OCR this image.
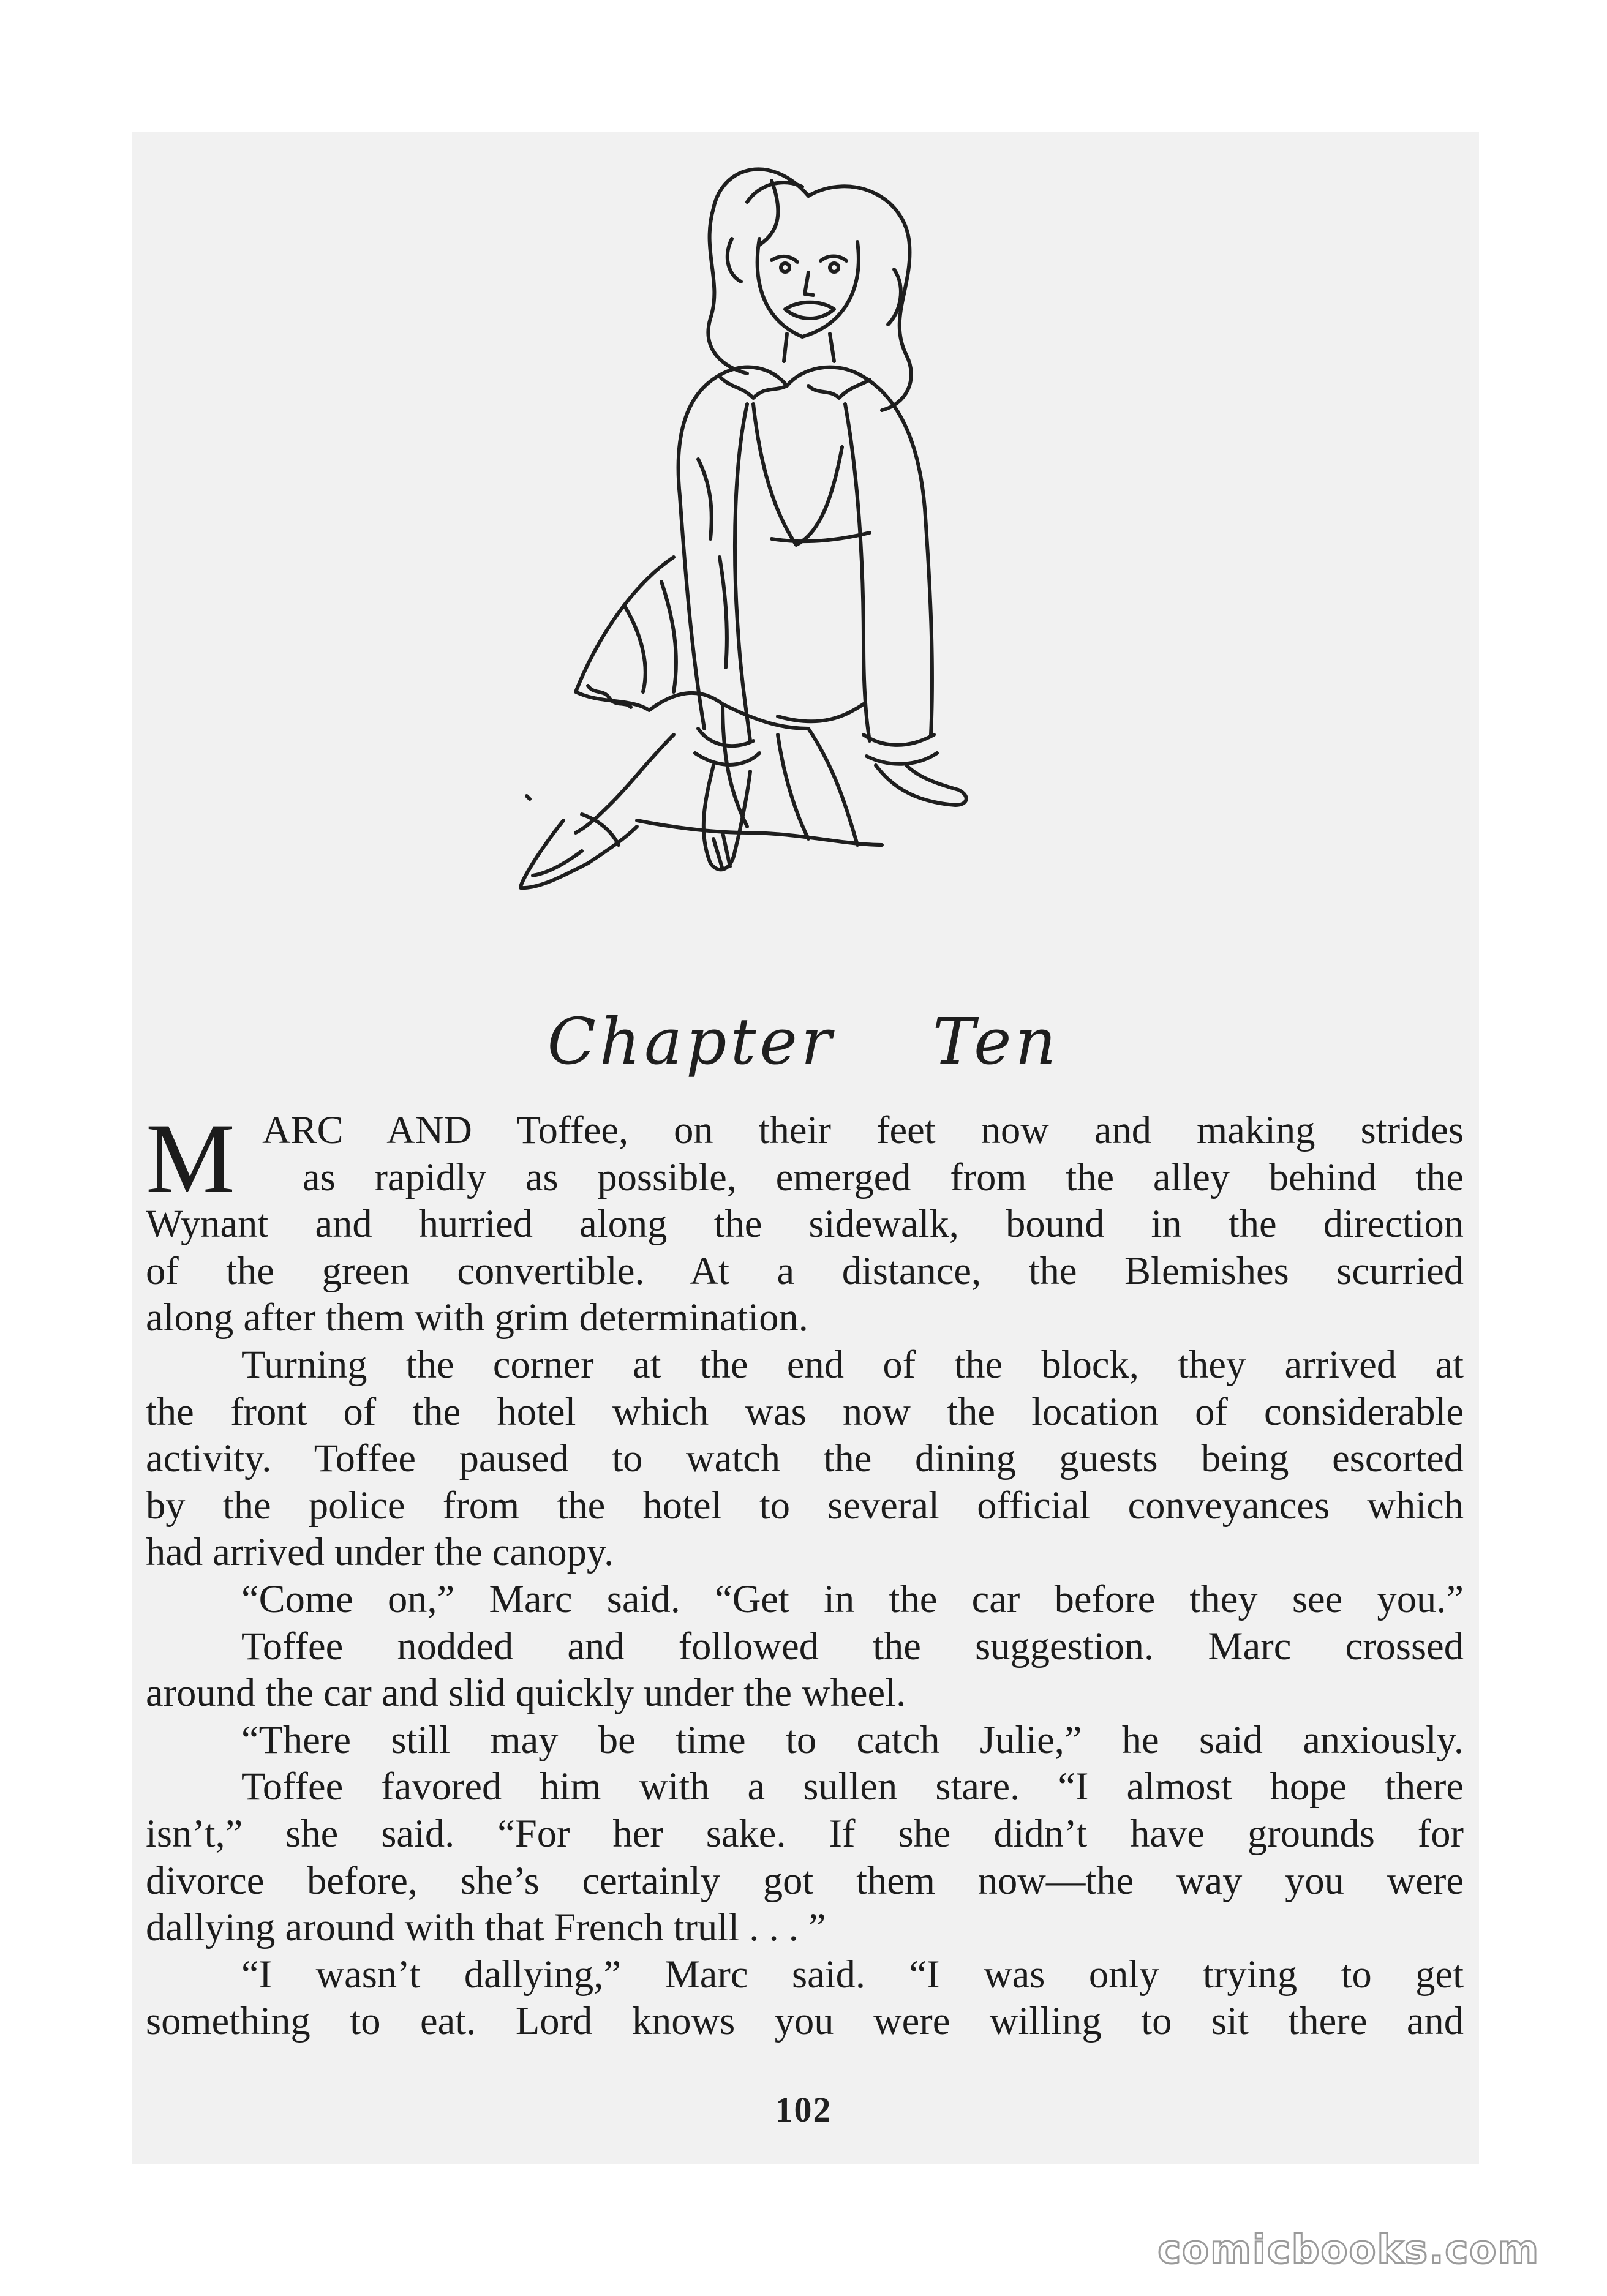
Chapter Ten
M ARC AND Toffee, on their feet now and making strides

as rapidly as possible, emerged from the alley behind the

Wynant and hurried along the sidewalk, bound in the direction

of the green convertible. At a distance, the Blemishes scurried

along after them with grim determination.

Turning the corner at the end of the block, they arrived at

the front of the hotel which was now the location of considerable

activity. Toffee paused to watch the dining guests being escorted

by the police from the hotel to several official conveyances which

had arrived under the canopy.

“Come on,” Marc said. “Get in the car before they see you.”

Toffee nodded and followed the suggestion. Marc crossed

around the car and slid quickly under the wheel.

“There still may be time to catch Julie,” he said anxiously.

Toffee favored him with a sullen stare. “I almost hope there

isn’t,” she said. “For her sake. If she didn’t have grounds for

divorce before, she’s certainly got them now—the way you were

dallying around with that French trull . . . ”

“I wasn’t dallying,” Marc said. “I was only trying to get

something to eat. Lord knows you were willing to sit there and

102
comicbooks.com
